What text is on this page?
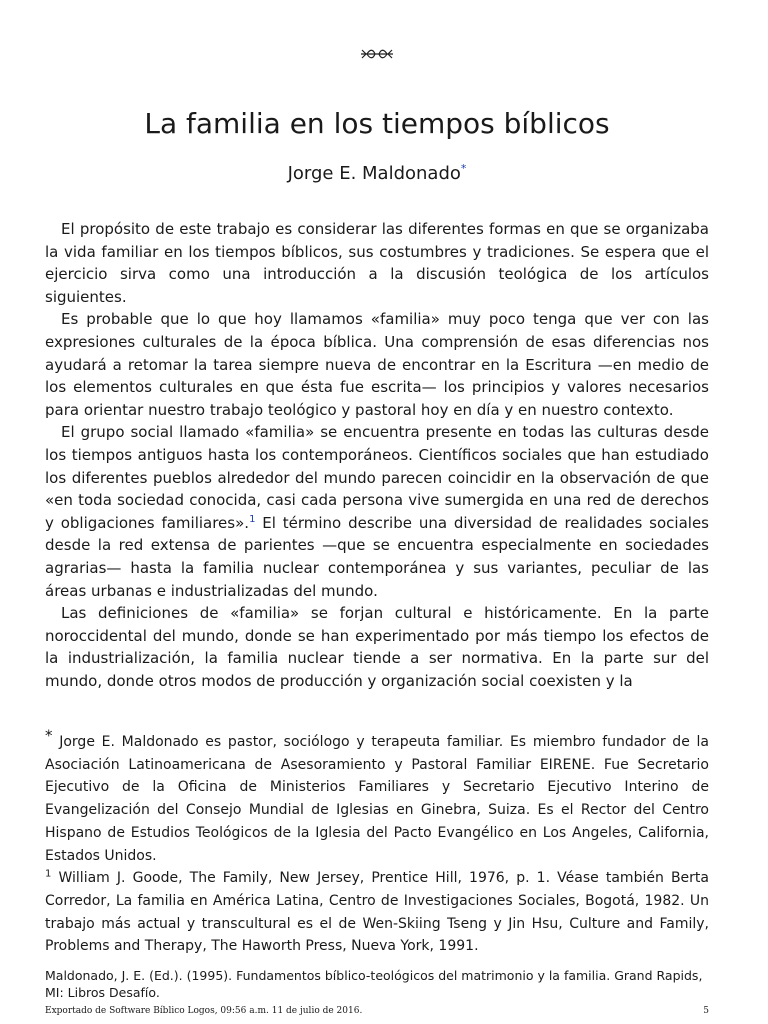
La familia en los tiempos bíblicos
Jorge E. Maldonado*

El propósito de este trabajo es considerar las diferentes formas en que se organizaba la vida familiar en los tiempos bíblicos, sus costumbres y tradiciones. Se espera que el ejercicio sirva como una introducción a la discusión teológica de los artículos siguientes.

Es probable que lo que hoy llamamos «familia» muy poco tenga que ver con las expresiones culturales de la época bíblica. Una comprensión de esas diferencias nos ayudará a retomar la tarea siempre nueva de encontrar en la Escritura —en medio de los elementos culturales en que ésta fue escrita— los principios y valores necesarios para orientar nuestro trabajo teológico y pastoral hoy en día y en nuestro contexto.

El grupo social llamado «familia» se encuentra presente en todas las culturas desde los tiempos antiguos hasta los contemporáneos. Científicos sociales que han estudiado los diferentes pueblos alrededor del mundo parecen coincidir en la observación de que «en toda sociedad conocida, casi cada persona vive sumergida en una red de derechos y obligaciones familiares».$^1$ El término describe una diversidad de realidades sociales desde la red extensa de parientes —que se encuentra especialmente en sociedades agrarias— hasta la familia nuclear contemporánea y sus variantes, peculiar de las áreas urbanas e industrializadas del mundo.

Las definiciones de «familia» se forjan cultural e históricamente. En la parte noroccidental del mundo, donde se han experimentado por más tiempo los efectos de la industrialización, la familia nuclear tiende a ser normativa. En la parte sur del mundo, donde otros modos de producción y organización social coexisten y la

* Jorge E. Maldonado es pastor, sociólogo y terapeuta familiar. Es miembro fundador de la Asociación Latinoamericana de Asesoramiento y Pastoral Familiar EIRENE. Fue Secretario Ejecutivo de la Oficina de Ministerios Familiares y Secretario Ejecutivo Interino de Evangelización del Consejo Mundial de Iglesias en Ginebra, Suiza. Es el Rector del Centro Hispano de Estudios Teológicos de la Iglesia del Pacto Evangélico en Los Angeles, California, Estados Unidos.

$^1$ William J. Goode, The Family, New Jersey, Prentice Hill, 1976, p. 1. Véase también Berta Corredor, La familia en América Latina, Centro de Investigaciones Sociales, Bogotá, 1982. Un trabajo más actual y transcultural es el de Wen-Skiing Tseng y Jin Hsu, Culture and Family, Problems and Therapy, The Haworth Press, Nueva York, 1991.

Maldonado, J. E. (Ed.). (1995). Fundamentos bíblico-teológicos del matrimonio y la familia. Grand Rapids, MI: Libros Desafío.
Exportado de Software Bíblico Logos, 09:56 a.m. 11 de julio de 2016.	5
